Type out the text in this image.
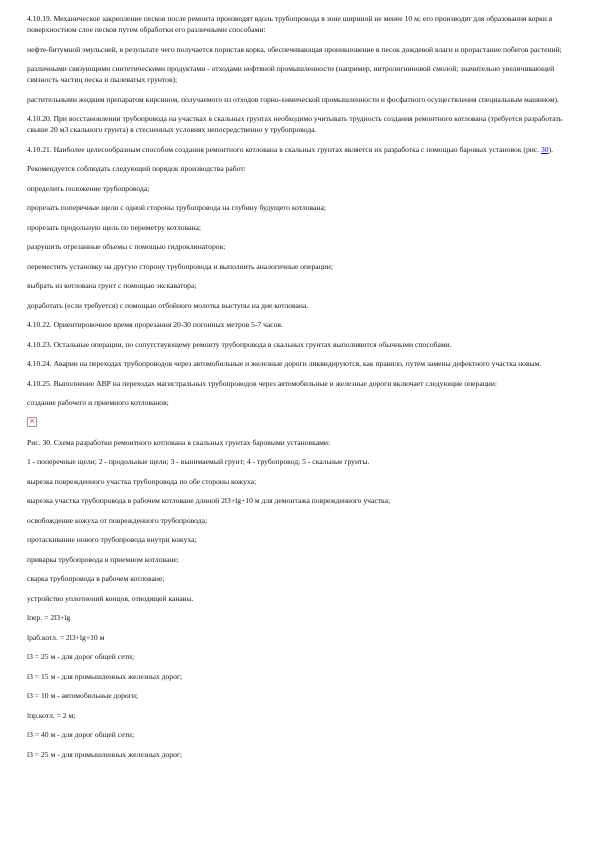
4.10.19. Механическое закрепление песков после ремонта производят вдоль трубопровода в зоне шириной не менее 10 м; его производят для образования корки в поверхностном слое песков путем обработки его различными способами:

нефте-битумной эмульсией, в результате чего получается пористая корка, обеспечивающая проникновение в песок дождевой влаги и прорастание побегов растений;

различными связующими синтетическими продуктами - отходами нефтяной промышленности (например, нитролигниновой смолой; значительно увеличивающей связность частиц песка и пылеватых грунтов);

растительными жидким препаратом кирсином, получаемого из отходов горно-химической промышленности и фосфатного осуществления специальным машином).

4.10.20. При восстановлении трубопровода на участках в скальных грунтах необходимо учитывать трудность создания ремонтного котлована (требуется разработать свыше 20 м3 скального грунта) в стесненных условиях непосредственно у трубопровода.

4.10.21. Наиболее целесообразным способом создания ремонтного котлована в скальных грунтах является их разработка с помощью баровых установок (рис. 30).

Рекомендуется соблюдать следующий порядок производства работ:

определить положение трубопровода;

прорезать поперечные щели с одной стороны трубопровода на глубину будущего котлована;

прорезать продольную щель по периметру котлована;

разрушить отрезанные объемы с помощью гидроклинаторов;

переместить установку на другую сторону трубопровода и выполнить аналогичные операции;

выбрать из котлована грунт с помощью экскаватора;

доработать (если требуется) с помощью отбойного молотка выступы на дне котлована.

4.10.22. Ориентировочное время прорезания 20-30 погонных метров 5-7 часов.

4.10.23. Остальные операции, по сопутствующему ремонту трубопровода в скальных грунтах выполняются обычными способами.

4.10.24. Аварии на переходах трубопроводов через автомобильные и железные дороги ликвидируются, как правило, путем замены дефектного участка новым.

4.10.25. Выполнение АВР на переходах магистральных трубопроводов через автомобильные и железные дороги включает следующие операции:

создание рабочего и приемного котлованов;

×

Рис. 30. Схема разработки ремонтного котлована в скальных грунтах баровыми установками:

1 - поперечные щели; 2 - продольные щели; 3 - вынимаемый грунт; 4 - трубопровод; 5 - скальные грунты.

вырезка поврежденного участка трубопровода по обе стороны кожуха;

вырезка участка трубопровода в рабочем котловане длиной 2l3+lg+10 м для демонтажа поврежденного участка;

освобождение кожуха от поврежденного трубопровода;

протаскивание нового трубопровода внутри кожуха;

приварка трубопровода в приемном котловане;

сварка трубопровода в рабочем котловане;

устройство уплотнений концов, отводящей канавы.

lпер. = 2l3+lg

lраб.котл. = 2l3+lg+10 м

l3 = 25 м - для дорог общей сети;

l3 = 15 м - для промышленных железных дорог;

l3 = 10 м - автомобильные дороги;

lпр.котл. = 2 м;

l3 = 40 м - для дорог общей сети;

l3 = 25 м - для промышленных железных дорог;
